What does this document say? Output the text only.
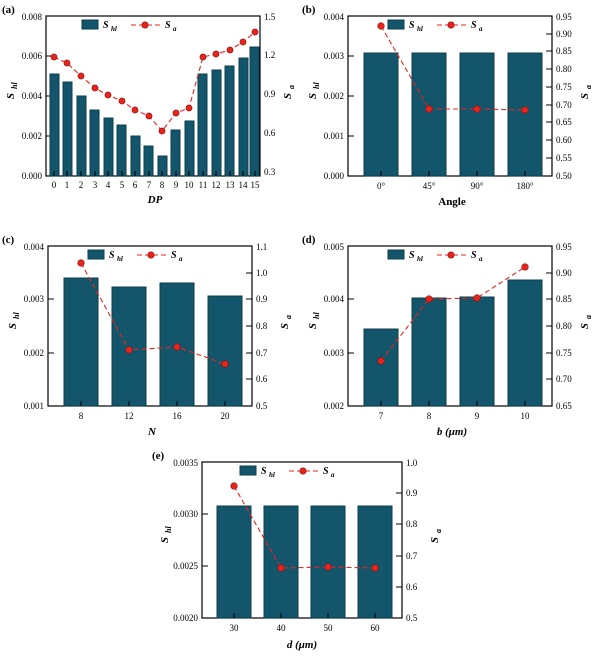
0.000
0.002
0.004
0.006
0.008
0.3
0.6
0.9
1.2
1.5
0 1 2 3 4 5 6 7 8 9 10 11 12 13 14 15
S hl	S a
DP
S
hl
S
a
(a)
0.000
0.001
0.002
0.003
0.004
0.50
0.55
0.60
0.65
0.70
0.75
0.80
0.85
0.90
0.95
0°	45°	90°	180°
S hl	S a
Angle
S
hl
S
a
(b)
0.001
0.002
0.003
0.004
0.5
0.6
0.7
0.8
0.9
1.0
1.1
8	12	16	20
S hl	S a
N
S
hl
S
a
(c)
0.002
0.003
0.004
0.005
0.65
0.70
0.75
0.80
0.85
0.90
0.95
7	8	9	10
S hl	S a
b (μm)
S
hl
S
a
(d)
0.0020
0.0025
0.0030
0.0035
0.5
0.6
0.7
0.8
0.9
1.0
30	40	50	60
S hl	S a
d (μm)
S
hl
S
a
(e)
